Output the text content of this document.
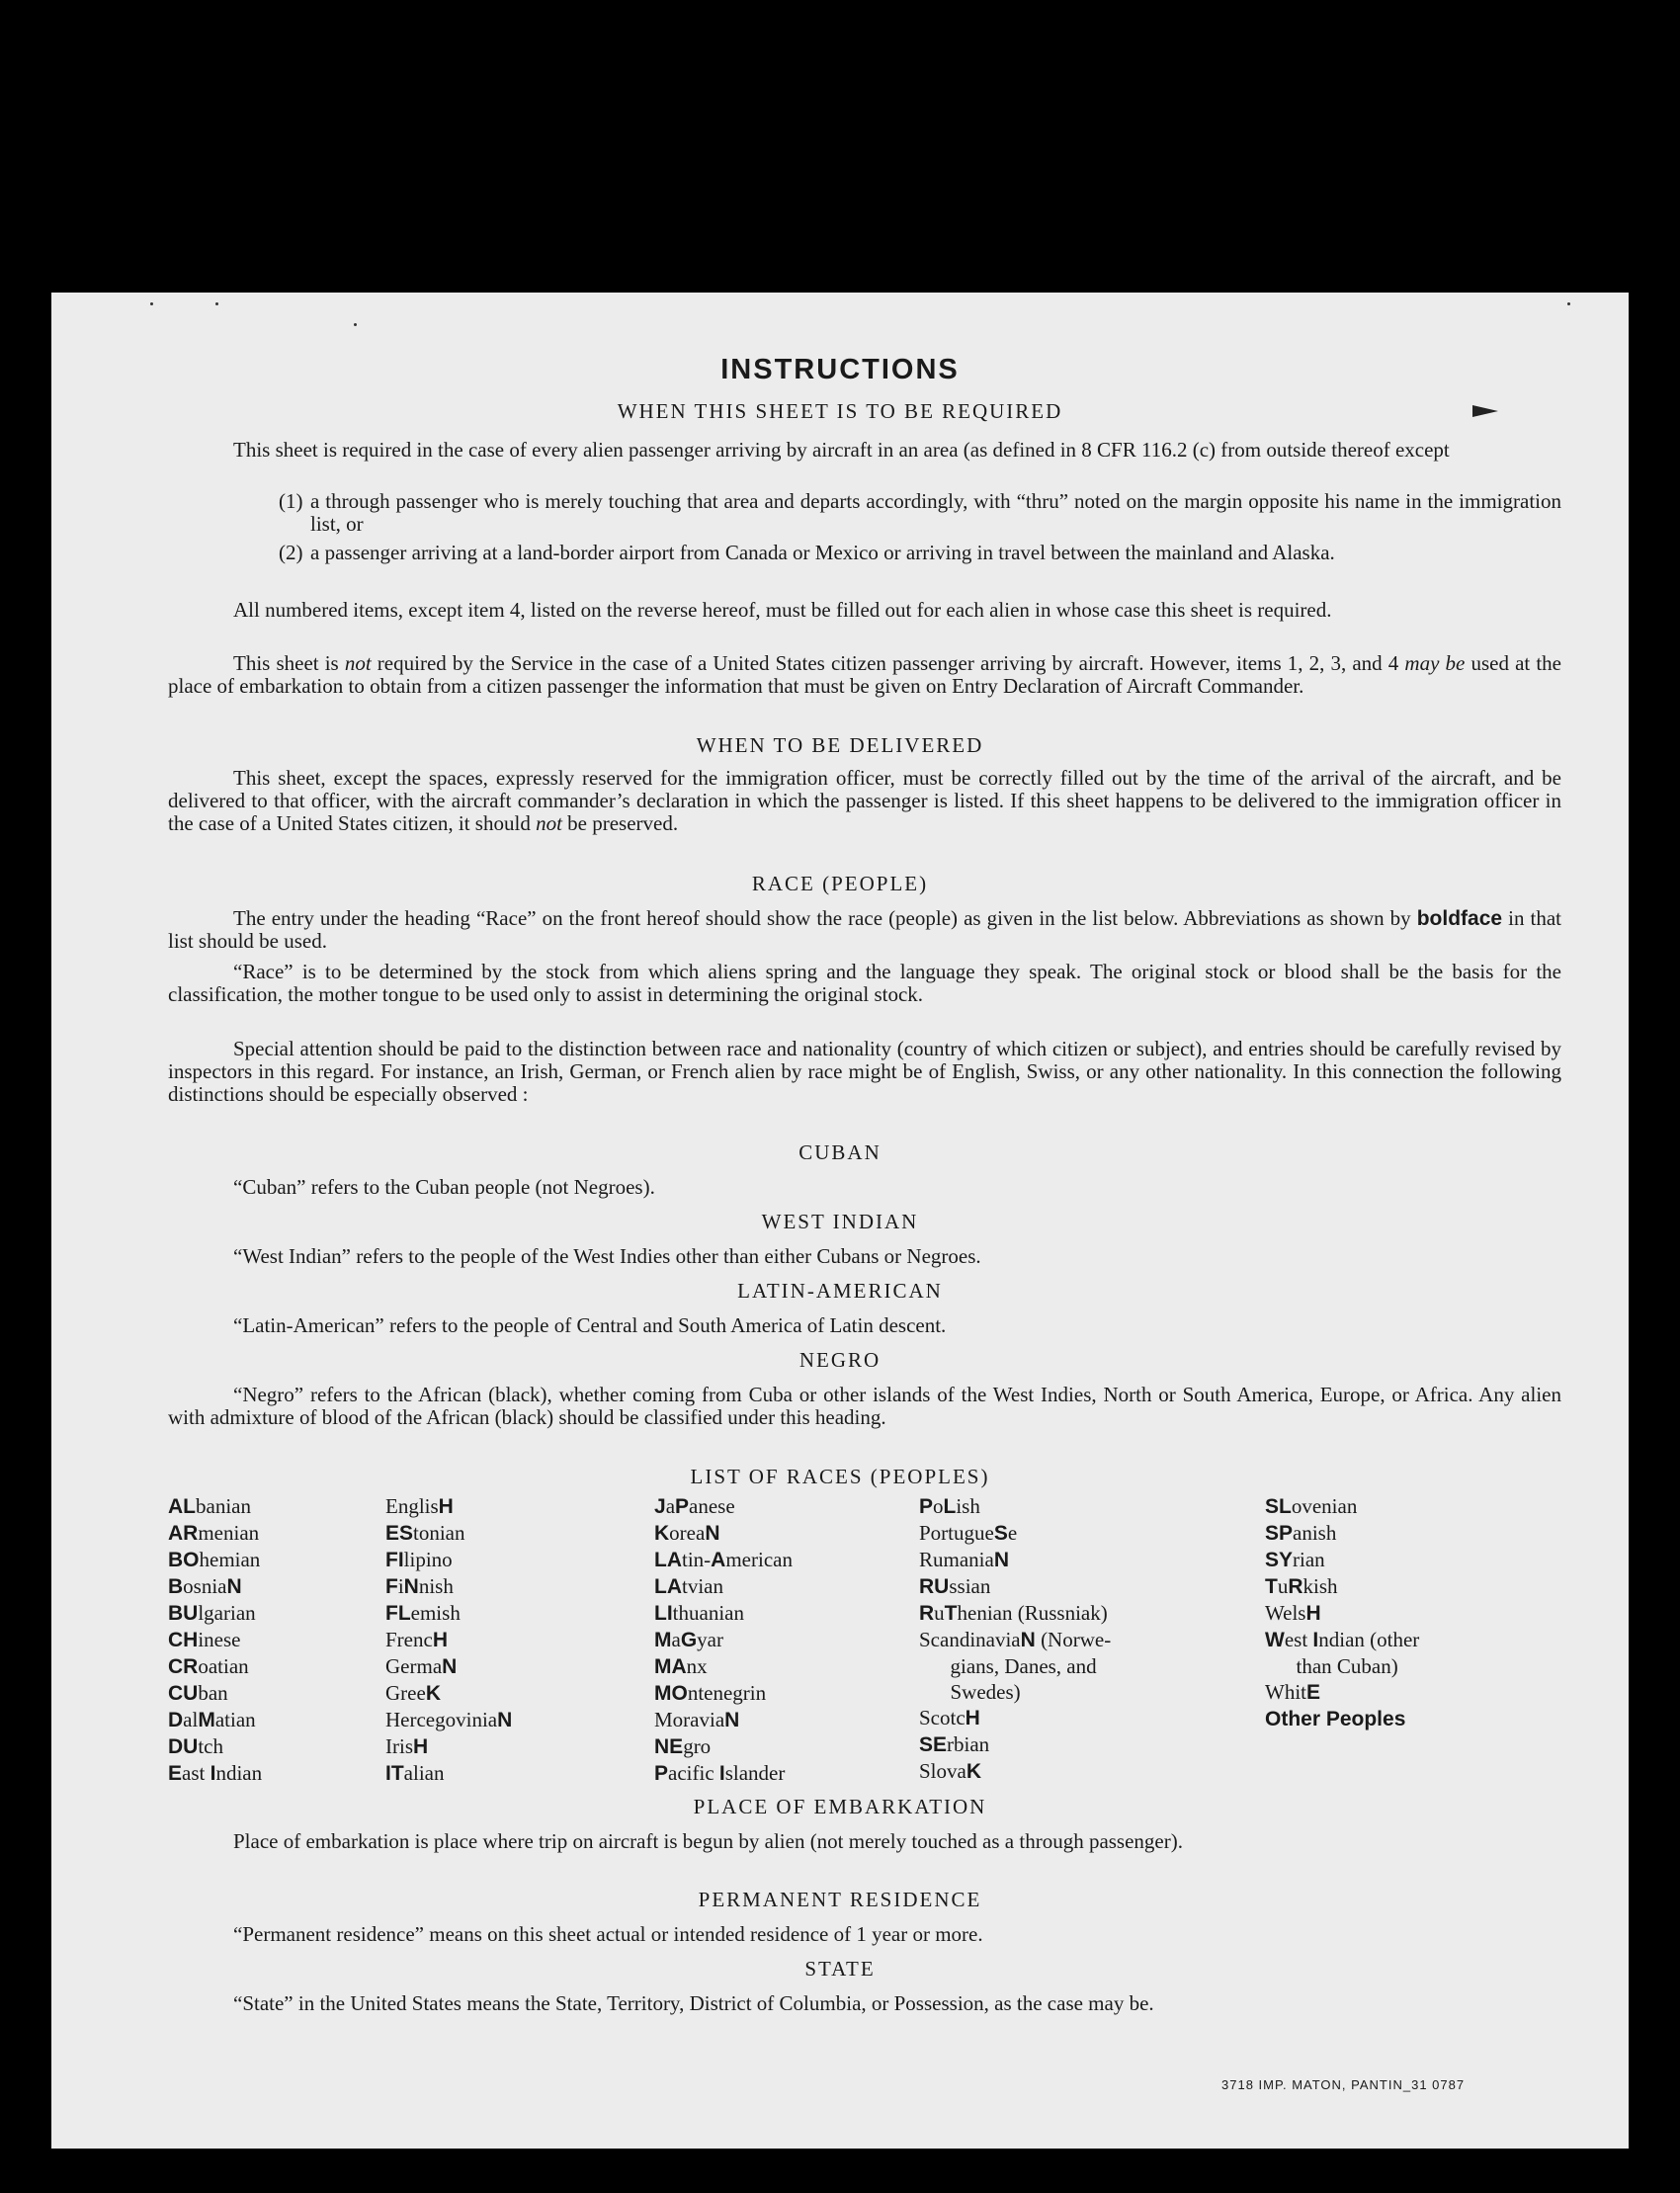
INSTRUCTIONS
WHEN THIS SHEET IS TO BE REQUIRED
This sheet is required in the case of every alien passenger arriving by aircraft in an area (as defined in 8 CFR 116.2 (c) from outside thereof except
(1) a through passenger who is merely touching that area and departs accordingly, with “thru” noted on the margin opposite his name in the immigration list, or
(2) a passenger arriving at a land-border airport from Canada or Mexico or arriving in travel between the mainland and Alaska.
All numbered items, except item 4, listed on the reverse hereof, must be filled out for each alien in whose case this sheet is required.
This sheet is not required by the Service in the case of a United States citizen passenger arriving by aircraft. However, items 1, 2, 3, and 4 may be used at the place of embarkation to obtain from a citizen passenger the information that must be given on Entry Declaration of Aircraft Commander.
WHEN TO BE DELIVERED
This sheet, except the spaces, expressly reserved for the immigration officer, must be correctly filled out by the time of the arrival of the aircraft, and be delivered to that officer, with the aircraft commander’s declaration in which the passenger is listed. If this sheet happens to be delivered to the immigration officer in the case of a United States citizen, it should not be preserved.
RACE (PEOPLE)
The entry under the heading “Race” on the front hereof should show the race (people) as given in the list below. Abbreviations as shown by boldface in that list should be used.
“Race” is to be determined by the stock from which aliens spring and the language they speak. The original stock or blood shall be the basis for the classification, the mother tongue to be used only to assist in determining the original stock.
Special attention should be paid to the distinction between race and nationality (country of which citizen or subject), and entries should be carefully revised by inspectors in this regard. For instance, an Irish, German, or French alien by race might be of English, Swiss, or any other nationality. In this connection the following distinctions should be especially observed :
CUBAN
“Cuban” refers to the Cuban people (not Negroes).
WEST INDIAN
“West Indian” refers to the people of the West Indies other than either Cubans or Negroes.
LATIN-AMERICAN
“Latin-American” refers to the people of Central and South America of Latin descent.
NEGRO
“Negro” refers to the African (black), whether coming from Cuba or other islands of the West Indies, North or South America, Europe, or Africa. Any alien with admixture of blood of the African (black) should be classified under this heading.
LIST OF RACES (PEOPLES)
ALbanian
ARmenian
BOhemian
BosniaN
BUlgarian
CHinese
CRoatian
CUban
DalMatian
DUtch
East Indian
EnglisH
EStonian
FIlipino
FiNnish
FLemish
FrencH
GermaN
GreeK
HercegoviniaN
IrisH
ITalian
JaPanese
KoreaN
LAtin-American
LAtvian
LIthuanian
MaGyar
MAnx
MOntenegrin
MoraviaN
NEgro
Pacific Islander
PoLish
PortugueSe
RumaniaN
RUssian
RuThenian (Russniak)
ScandinaviaN (Norwe-
gians, Danes, and
Swedes)
ScotcH
SErbian
SlovaK
SLovenian
SPanish
SYrian
TuRkish
WelsH
West Indian (other
than Cuban)
WhitE
Other Peoples
PLACE OF EMBARKATION
Place of embarkation is place where trip on aircraft is begun by alien (not merely touched as a through passenger).
PERMANENT RESIDENCE
“Permanent residence” means on this sheet actual or intended residence of 1 year or more.
STATE
“State” in the United States means the State, Territory, District of Columbia, or Possession, as the case may be.
3718 IMP. MATON, PANTIN_31 0787
